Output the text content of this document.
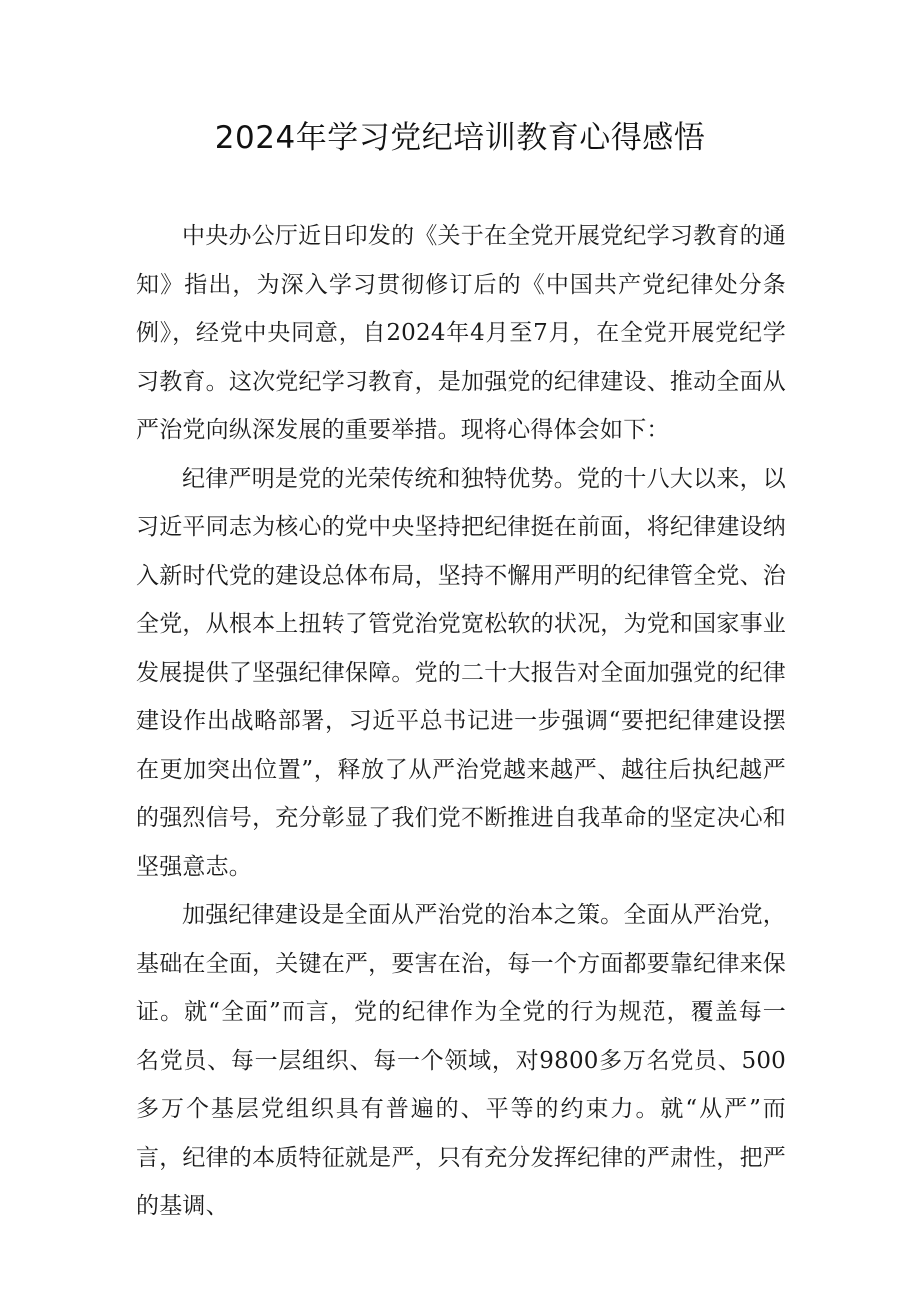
2024年学习党纪培训教育心得感悟

中央办公厅近日印发的《关于在全党开展党纪学习教育的通知》指出，为深入学习贯彻修订后的《中国共产党纪律处分条例》，经党中央同意，自2024年4月至7月，在全党开展党纪学习教育。这次党纪学习教育，是加强党的纪律建设、推动全面从严治党向纵深发展的重要举措。现将心得体会如下：

纪律严明是党的光荣传统和独特优势。党的十八大以来，以习近平同志为核心的党中央坚持把纪律挺在前面，将纪律建设纳入新时代党的建设总体布局，坚持不懈用严明的纪律管全党、治全党，从根本上扭转了管党治党宽松软的状况，为党和国家事业发展提供了坚强纪律保障。党的二十大报告对全面加强党的纪律建设作出战略部署，习近平总书记进一步强调“要把纪律建设摆在更加突出位置”，释放了从严治党越来越严、越往后执纪越严的强烈信号，充分彰显了我们党不断推进自我革命的坚定决心和坚强意志。

加强纪律建设是全面从严治党的治本之策。全面从严治党，基础在全面，关键在严，要害在治，每一个方面都要靠纪律来保证。就“全面”而言，党的纪律作为全党的行为规范，覆盖每一名党员、每一层组织、每一个领域，对9800多万名党员、500多万个基层党组织具有普遍的、平等的约束力。就“从严”而言，纪律的本质特征就是严，只有充分发挥纪律的严肃性，把严的基调、
